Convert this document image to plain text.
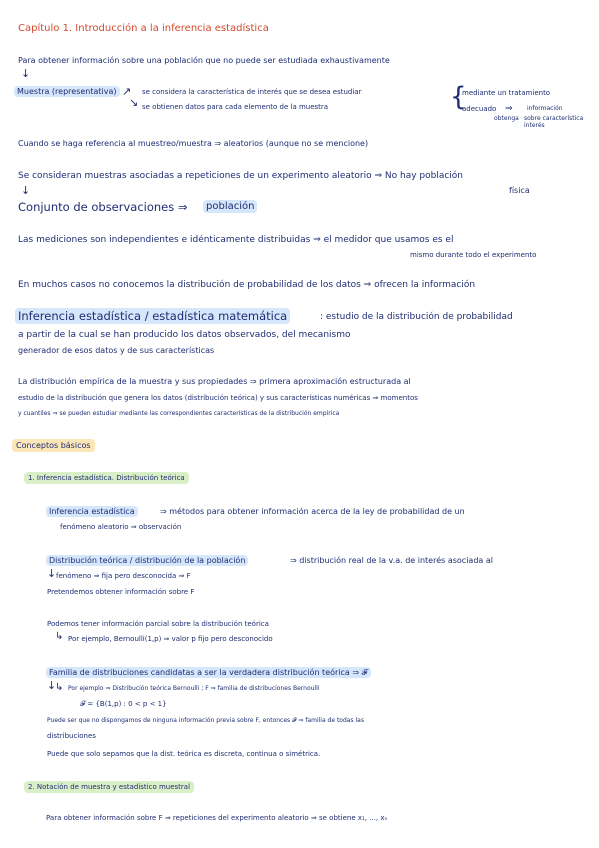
Capítulo 1. Introducción a la inferencia estadística
Para obtener información sobre una población que no puede ser estudiada exhaustivamente
↓
Muestra (representativa) ↗
↘
se considera la característica de interés que se desea estudiar
se obtienen datos para cada elemento de la muestra	{
mediante un tratamiento
adecuado ⇒ información
obtenga sobre característica interés
Cuando se haga referencia al muestreo/muestra ⇒ aleatorios (aunque no se mencione)
Se consideran muestras asociadas a repeticiones de un experimento aleatorio ⇒ No hay población
física
↓
Conjunto de observaciones ⇒	población
Las mediciones son independientes e idénticamente distribuidas ⇒ el medidor que usamos es el
mismo durante todo el experimento
En muchos casos no conocemos la distribución de probabilidad de los datos ⇒ ofrecen la información
Inferencia estadística / estadística matemática	: estudio de la distribución de probabilidad
a partir de la cual se han producido los datos observados, del mecanismo
generador de esos datos y de sus características
La distribución empírica de la muestra y sus propiedades ⇒ primera aproximación estructurada al
estudio de la distribución que genera los datos (distribución teórica) y sus características numéricas ⇒ momentos
y cuantiles ⇒ se pueden estudiar mediante las correspondientes características de la distribución empírica
Conceptos básicos
1. Inferencia estadística. Distribución teórica
Inferencia estadística	⇒ métodos para obtener información acerca de la ley de probabilidad de un
fenómeno aleatorio ⇒ observación
Distribución teórica / distribución de la población	⇒ distribución real de la v.a. de interés asociada al
↓ fenómeno ⇒ fija pero desconocida ⇒ F
Pretendemos obtener información sobre F
Podemos tener información parcial sobre la distribución teórica
↳ Por ejemplo, Bernoulli(1,p) ⇒ valor p fijo pero desconocido
Familia de distribuciones candidatas a ser la verdadera distribución teórica ⇒ 𝓕
↓
↳ Por ejemplo ⇒ Distribución teórica Bernoulli ; F ⇒ familia de distribuciones Bernoulli
𝓕 = {B(1,p) : 0 < p < 1}
Puede ser que no dispongamos de ninguna información previa sobre F, entonces 𝓕 ⇒ familia de todas las
distribuciones
Puede que solo sepamos que la dist. teórica es discreta, continua o simétrica.
2. Notación de muestra y estadístico muestral
Para obtener información sobre F ⇒ repeticiones del experimento aleatorio ⇒ se obtiene x₁, ..., xₙ
